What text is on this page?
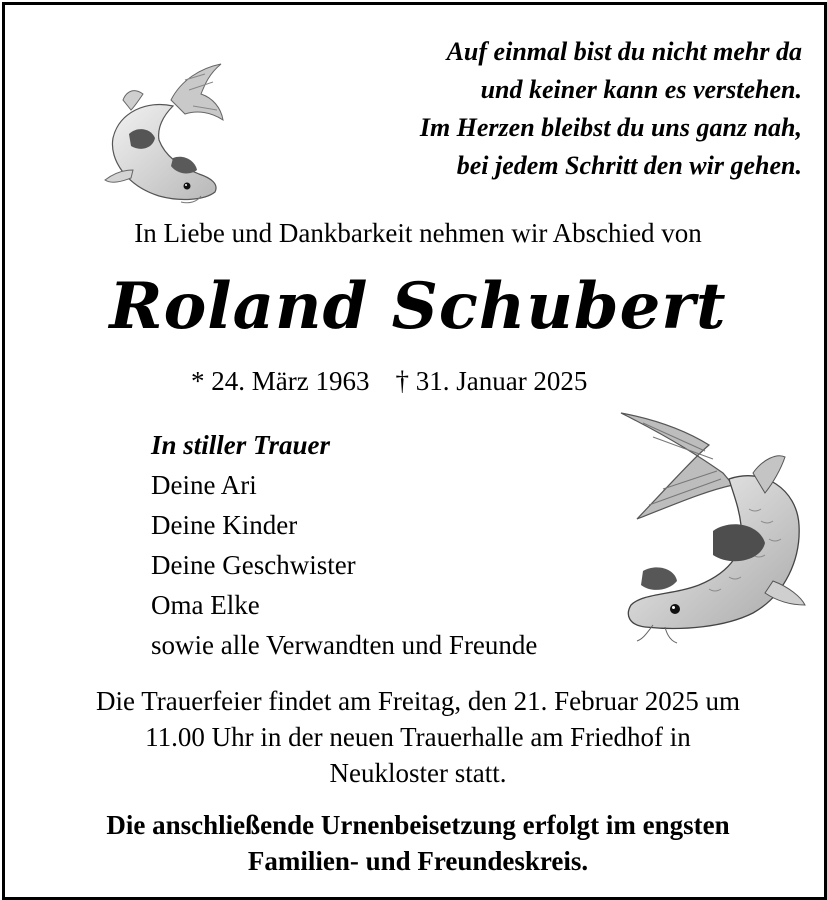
Auf einmal bist du nicht mehr da
und keiner kann es verstehen.
Im Herzen bleibst du uns ganz nah,
bei jedem Schritt den wir gehen.
In Liebe und Dankbarkeit nehmen wir Abschied von
Roland Schubert
* 24. März 1963 † 31. Januar 2025
In stiller Trauer
Deine Ari
Deine Kinder
Deine Geschwister
Oma Elke
sowie alle Verwandten und Freunde
Die Trauerfeier findet am Freitag, den 21. Februar 2025 um
11.00 Uhr in der neuen Trauerhalle am Friedhof in
Neukloster statt.
Die anschließende Urnenbeisetzung erfolgt im engsten
Familien- und Freundeskreis.
